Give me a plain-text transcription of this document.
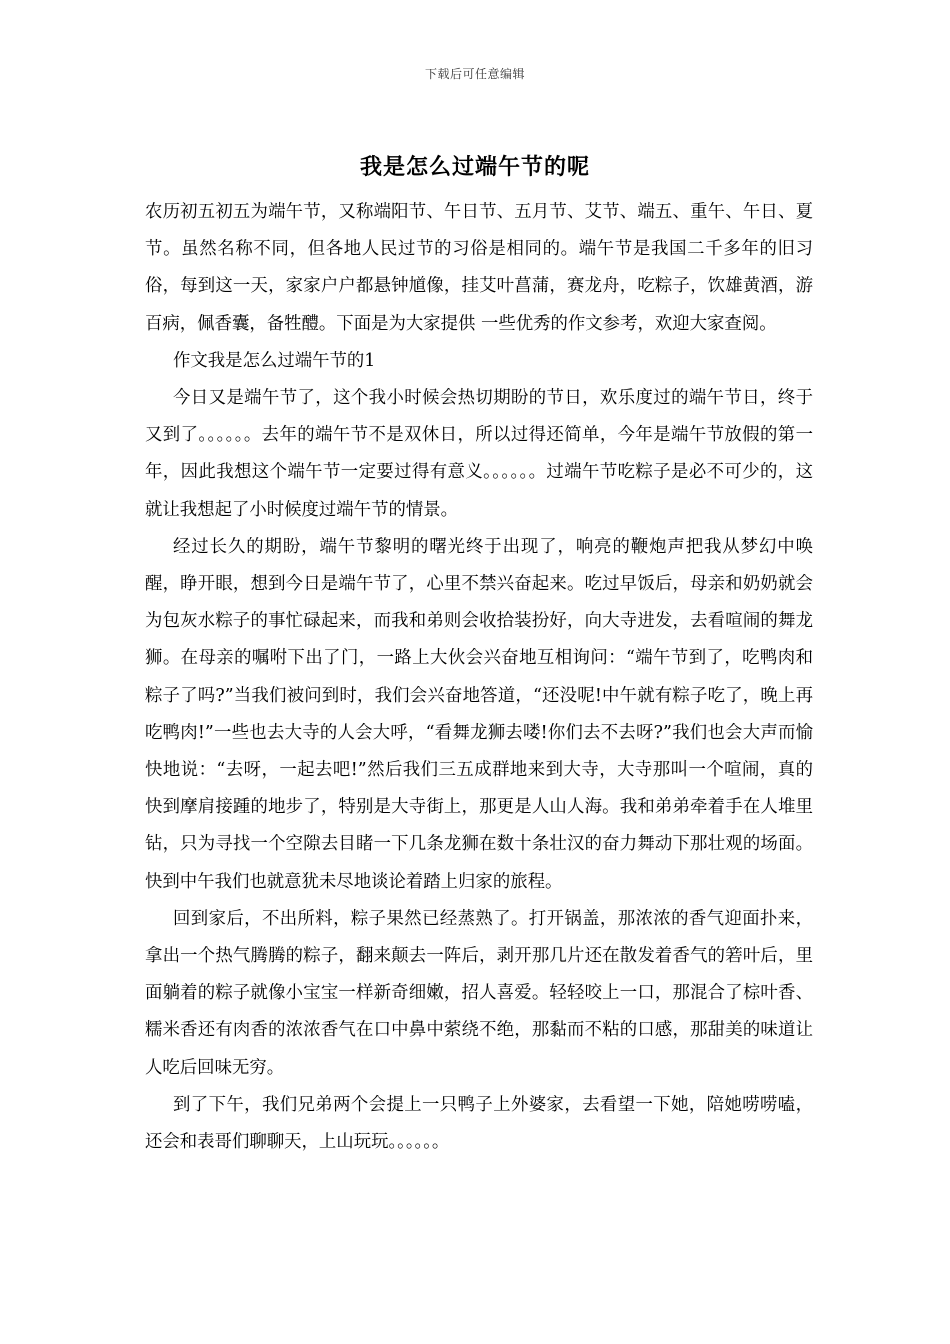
下载后可任意编辑
我是怎么过端午节的呢

农历初五初五为端午节，又称端阳节、午日节、五月节、艾节、端五、重午、午日、夏节。虽然名称不同，但各地人民过节的习俗是相同的。端午节是我国二千多年的旧习俗，每到这一天，家家户户都悬钟馗像，挂艾叶菖蒲，赛龙舟，吃粽子，饮雄黄酒，游百病，佩香囊，备牲醴。下面是为大家提供 一些优秀的作文参考，欢迎大家查阅。

作文我是怎么过端午节的1

今日又是端午节了，这个我小时候会热切期盼的节日，欢乐度过的端午节日，终于又到了。。。。。。去年的端午节不是双休日，所以过得还简单，今年是端午节放假的第一年，因此我想这个端午节一定要过得有意义。。。。。。过端午节吃粽子是必不可少的，这就让我想起了小时候度过端午节的情景。

经过长久的期盼，端午节黎明的曙光终于出现了，响亮的鞭炮声把我从梦幻中唤醒，睁开眼，想到今日是端午节了，心里不禁兴奋起来。吃过早饭后，母亲和奶奶就会为包灰水粽子的事忙碌起来，而我和弟则会收拾装扮好，向大寺进发，去看喧闹的舞龙狮。在母亲的嘱咐下出了门，一路上大伙会兴奋地互相询问：“端午节到了，吃鸭肉和粽子了吗?”当我们被问到时，我们会兴奋地答道，“还没呢!中午就有粽子吃了，晚上再吃鸭肉!”一些也去大寺的人会大呼，“看舞龙狮去喽!你们去不去呀?”我们也会大声而愉快地说：“去呀，一起去吧!”然后我们三五成群地来到大寺，大寺那叫一个喧闹，真的快到摩肩接踵的地步了，特别是大寺街上，那更是人山人海。我和弟弟牵着手在人堆里钻，只为寻找一个空隙去目睹一下几条龙狮在数十条壮汉的奋力舞动下那壮观的场面。快到中午我们也就意犹未尽地谈论着踏上归家的旅程。

回到家后，不出所料，粽子果然已经蒸熟了。打开锅盖，那浓浓的香气迎面扑来，拿出一个热气腾腾的粽子，翻来颠去一阵后，剥开那几片还在散发着香气的箬叶后，里面躺着的粽子就像小宝宝一样新奇细嫩，招人喜爱。轻轻咬上一口，那混合了棕叶香、糯米香还有肉香的浓浓香气在口中鼻中萦绕不绝，那黏而不粘的口感，那甜美的味道让人吃后回味无穷。

到了下午，我们兄弟两个会提上一只鸭子上外婆家，去看望一下她，陪她唠唠嗑，还会和表哥们聊聊天，上山玩玩。。。。。。
